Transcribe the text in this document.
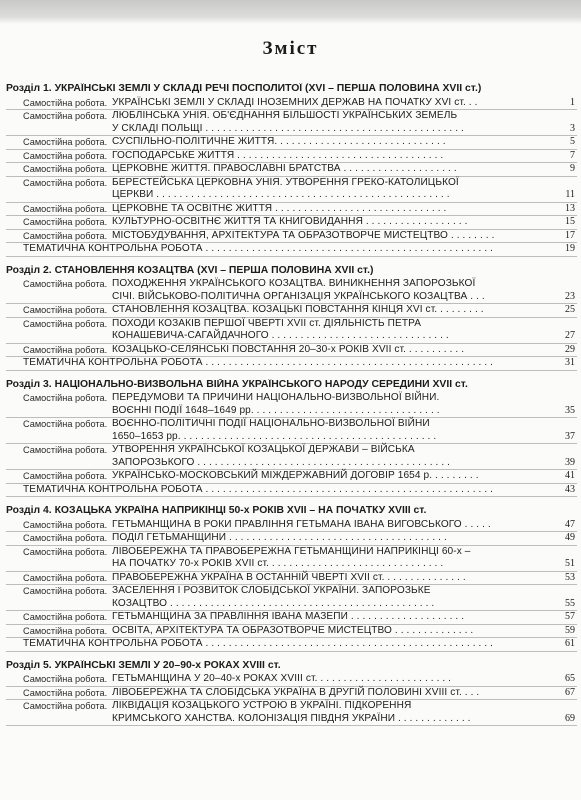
Зміст
Розділ 1. УКРАЇНСЬКІ ЗЕМЛІ У СКЛАДІ РЕЧІ ПОСПОЛИТОЇ (XVI – ПЕРША ПОЛОВИНА XVII ст.)
Самостійна робота. УКРАЇНСЬКІ ЗЕМЛІ У СКЛАДІ ІНОЗЕМНИХ ДЕРЖАВ НА ПОЧАТКУ XVI ст. . .	1
Самостійна робота. ЛЮБЛІНСЬКА УНІЯ. ОБ'ЄДНАННЯ БІЛЬШОСТІ УКРАЇНСЬКИХ ЗЕМЕЛЬ
У СКЛАДІ ПОЛЬЩІ . . . . . . . . . . . . . . . . . . . . . . . . . . . . . . . . . . . . . . . . . . . . .	3
Самостійна робота. СУСПІЛЬНО-ПОЛІТИЧНЕ ЖИТТЯ. . . . . . . . . . . . . . . . . . . . . . . . . . . . . .	5
Самостійна робота. ГОСПОДАРСЬКЕ ЖИТТЯ . . . . . . . . . . . . . . . . . . . . . . . . . . . . . . . . . . . .	7
Самостійна робота. ЦЕРКОВНЕ ЖИТТЯ. ПРАВОСЛАВНІ БРАТСТВА . . . . . . . . . . . . . . . . . . . .	9
Самостійна робота. БЕРЕСТЕЙСЬКА ЦЕРКОВНА УНІЯ. УТВОРЕННЯ ГРЕКО-КАТОЛИЦЬКОЇ
ЦЕРКВИ . . . . . . . . . . . . . . . . . . . . . . . . . . . . . . . . . . . . . . . . . . . . . . . . . . .	11
Самостійна робота. ЦЕРКОВНЕ ТА ОСВІТНЄ ЖИТТЯ . . . . . . . . . . . . . . . . . . . . . . . . . . . . . .	13
Самостійна робота. КУЛЬТУРНО-ОСВІТНЄ ЖИТТЯ ТА КНИГОВИДАННЯ . . . . . . . . . . . . . . . . . .	15
Самостійна робота. МІСТОБУДУВАННЯ, АРХІТЕКТУРА ТА ОБРАЗОТВОРЧЕ МИСТЕЦТВО . . . . . . . .	17
ТЕМАТИЧНА КОНТРОЛЬНА РОБОТА . . . . . . . . . . . . . . . . . . . . . . . . . . . . . . . . . . . . . . . . . . . . . . . . . .	19
Розділ 2. СТАНОВЛЕННЯ КОЗАЦТВА (XVI – ПЕРША ПОЛОВИНА XVII ст.)
Самостійна робота. ПОХОДЖЕННЯ УКРАЇНСЬКОГО КОЗАЦТВА. ВИНИКНЕННЯ ЗАПОРОЗЬКОЇ
СІЧІ. ВІЙСЬКОВО-ПОЛІТИЧНА ОРГАНІЗАЦІЯ УКРАЇНСЬКОГО КОЗАЦТВА . . .	23
Самостійна робота. СТАНОВЛЕННЯ КОЗАЦТВА. КОЗАЦЬКІ ПОВСТАННЯ КІНЦЯ XVI ст. . . . . . . . .	25
Самостійна робота. ПОХОДИ КОЗАКІВ ПЕРШОЇ ЧВЕРТІ XVII ст. ДІЯЛЬНІСТЬ ПЕТРА
КОНАШЕВИЧА-САГАЙДАЧНОГО . . . . . . . . . . . . . . . . . . . . . . . . . . . . . . .	27
Самостійна робота. КОЗАЦЬКО-СЕЛЯНСЬКІ ПОВСТАННЯ 20–30-х РОКІВ XVII ст. . . . . . . . . . .	29
ТЕМАТИЧНА КОНТРОЛЬНА РОБОТА . . . . . . . . . . . . . . . . . . . . . . . . . . . . . . . . . . . . . . . . . . . . . . . . . .	31
Розділ 3. НАЦІОНАЛЬНО-ВИЗВОЛЬНА ВІЙНА УКРАЇНСЬКОГО НАРОДУ СЕРЕДИНИ XVII ст.
Самостійна робота. ПЕРЕДУМОВИ ТА ПРИЧИНИ НАЦІОНАЛЬНО-ВИЗВОЛЬНОЇ ВІЙНИ.
ВОЄННІ ПОДІЇ 1648–1649 рр. . . . . . . . . . . . . . . . . . . . . . . . . . . . . . . . .	35
Самостійна робота. ВОЄННО-ПОЛІТИЧНІ ПОДІЇ НАЦІОНАЛЬНО-ВИЗВОЛЬНОЇ ВІЙНИ
1650–1653 рр. . . . . . . . . . . . . . . . . . . . . . . . . . . . . . . . . . . . . . . . . . . . .	37
Самостійна робота. УТВОРЕННЯ УКРАЇНСЬКОЇ КОЗАЦЬКОЇ ДЕРЖАВИ – ВІЙСЬКА
ЗАПОРОЗЬКОГО . . . . . . . . . . . . . . . . . . . . . . . . . . . . . . . . . . . . . . . . . . . .	39
Самостійна робота. УКРАЇНСЬКО-МОСКОВСЬКИЙ МІЖДЕРЖАВНИЙ ДОГОВІР 1654 р. . . . . . . . .	41
ТЕМАТИЧНА КОНТРОЛЬНА РОБОТА . . . . . . . . . . . . . . . . . . . . . . . . . . . . . . . . . . . . . . . . . . . . . . . . . .	43
Розділ 4. КОЗАЦЬКА УКРАЇНА НАПРИКІНЦІ 50-х РОКІВ XVII – НА ПОЧАТКУ XVIII ст.
Самостійна робота. ГЕТЬМАНЩИНА В РОКИ ПРАВЛІННЯ ГЕТЬМАНА ІВАНА ВИГОВСЬКОГО . . . . .	47
Самостійна робота. ПОДІЛ ГЕТЬМАНЩИНИ . . . . . . . . . . . . . . . . . . . . . . . . . . . . . . . . . . . . . .	49
Самостійна робота. ЛІВОБЕРЕЖНА ТА ПРАВОБЕРЕЖНА ГЕТЬМАНЩИНИ НАПРИКІНЦІ 60-х –
НА ПОЧАТКУ 70-х РОКІВ XVII ст. . . . . . . . . . . . . . . . . . . . . . . . . . . . . . .	51
Самостійна робота. ПРАВОБЕРЕЖНА УКРАЇНА В ОСТАННІЙ ЧВЕРТІ XVII ст. . . . . . . . . . . . . . .	53
Самостійна робота. ЗАСЕЛЕННЯ І РОЗВИТОК СЛОБІДСЬКОЇ УКРАЇНИ. ЗАПОРОЗЬКЕ
КОЗАЦТВО . . . . . . . . . . . . . . . . . . . . . . . . . . . . . . . . . . . . . . . . . . . . . .	55
Самостійна робота. ГЕТЬМАНЩИНА ЗА ПРАВЛІННЯ ІВАНА МАЗЕПИ . . . . . . . . . . . . . . . . . . . .	57
Самостійна робота. ОСВІТА, АРХІТЕКТУРА ТА ОБРАЗОТВОРЧЕ МИСТЕЦТВО . . . . . . . . . . . . . .	59
ТЕМАТИЧНА КОНТРОЛЬНА РОБОТА . . . . . . . . . . . . . . . . . . . . . . . . . . . . . . . . . . . . . . . . . . . . . . . . . .	61
Розділ 5. УКРАЇНСЬКІ ЗЕМЛІ У 20–90-х РОКАХ XVIII ст.
Самостійна робота. ГЕТЬМАНЩИНА У 20–40-х РОКАХ XVIII ст. . . . . . . . . . . . . . . . . . . . . . . .	65
Самостійна робота. ЛІВОБЕРЕЖНА ТА СЛОБІДСЬКА УКРАЇНА В ДРУГІЙ ПОЛОВИНІ XVIII ст. . . .	67
Самостійна робота. ЛІКВІДАЦІЯ КОЗАЦЬКОГО УСТРОЮ В УКРАЇНІ. ПІДКОРЕННЯ
КРИМСЬКОГО ХАНСТВА. КОЛОНІЗАЦІЯ ПІВДНЯ УКРАЇНИ . . . . . . . . . . . . .	69
